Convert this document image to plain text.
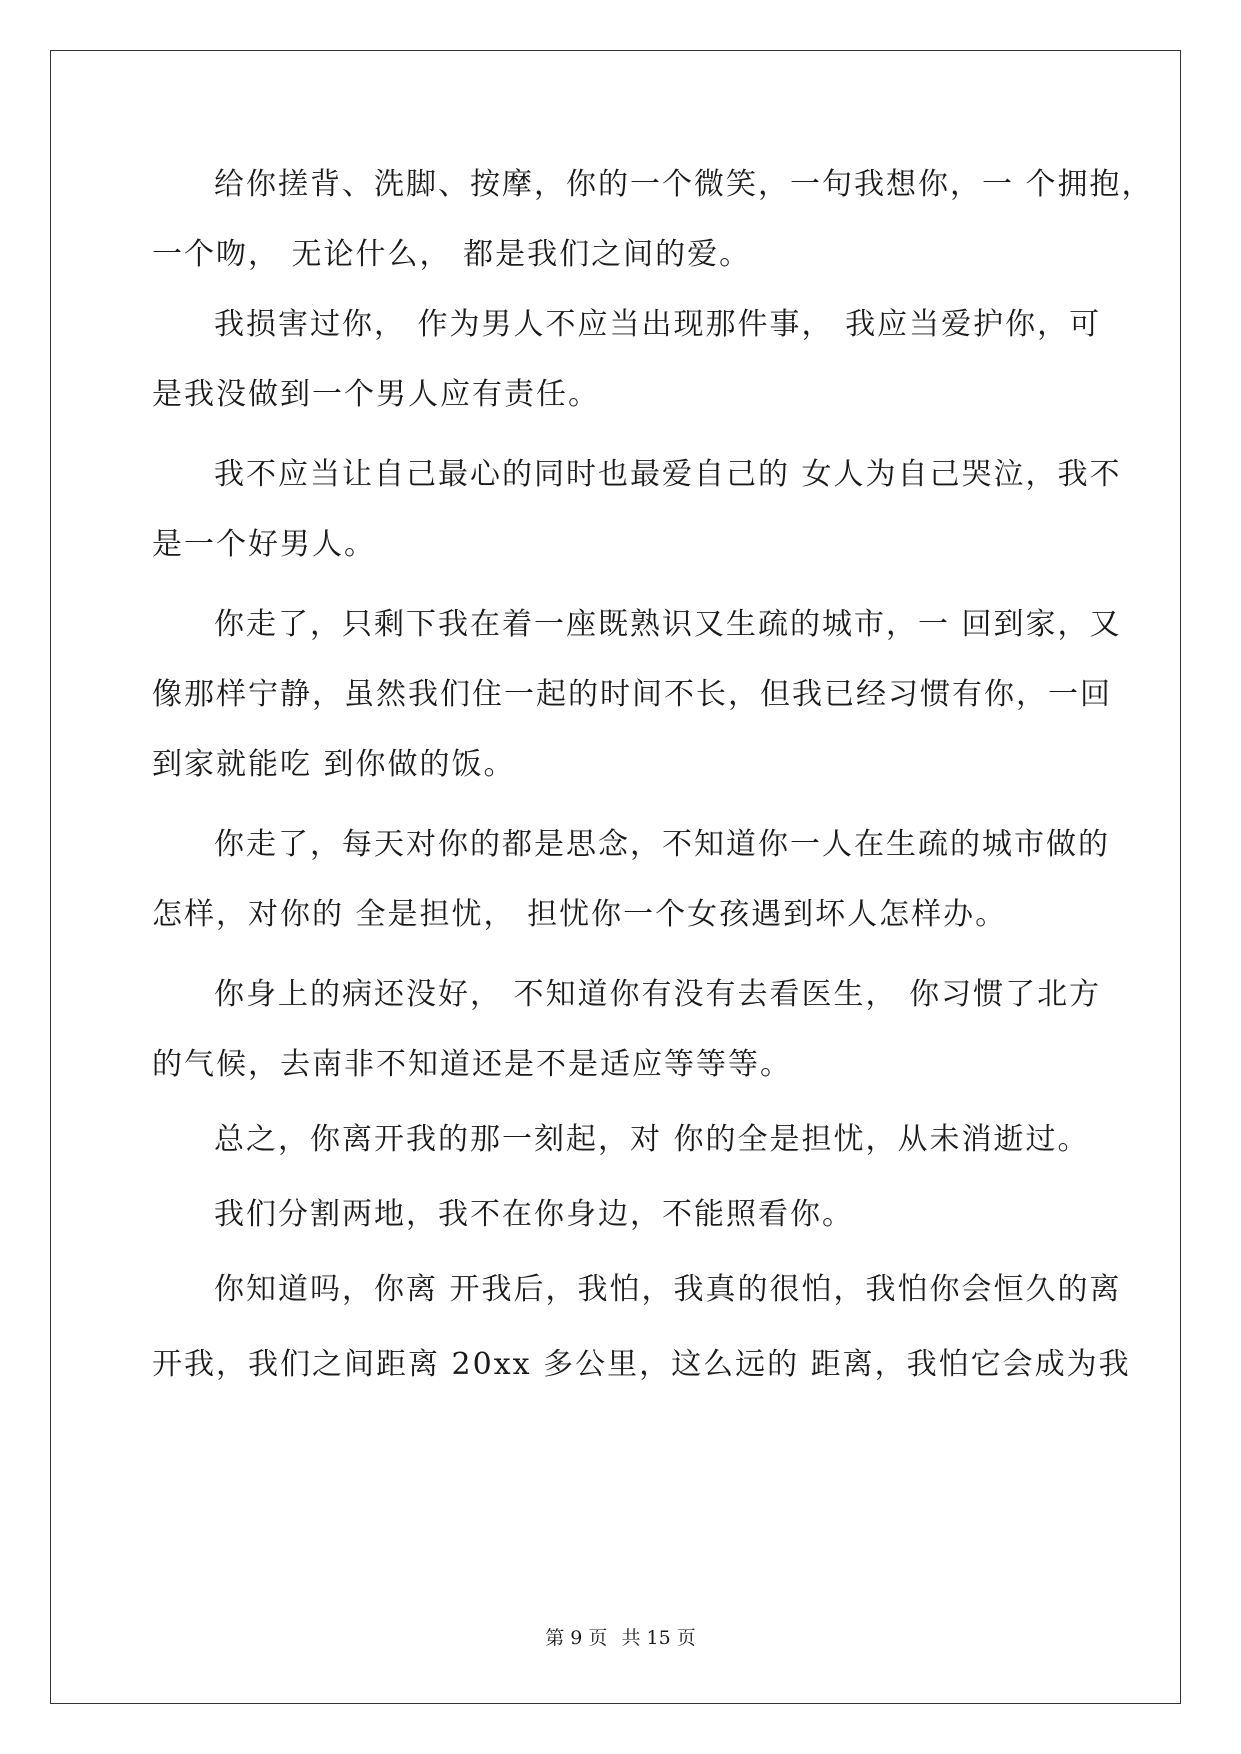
给你搓背、洗脚、按摩，你的一个微笑，一句我想你，一 个拥抱，
一个吻， 无论什么， 都是我们之间的爱。
我损害过你， 作为男人不应当出现那件事， 我应当爱护你，可
是我没做到一个男人应有责任。
我不应当让自己最心的同时也最爱自己的 女人为自己哭泣，我不
是一个好男人。
你走了，只剩下我在着一座既熟识又生疏的城市，一 回到家，又
像那样宁静，虽然我们住一起的时间不长，但我已经习惯有你，一回
到家就能吃 到你做的饭。
你走了，每天对你的都是思念，不知道你一人在生疏的城市做的
怎样，对你的 全是担忧， 担忧你一个女孩遇到坏人怎样办。
你身上的病还没好， 不知道你有没有去看医生， 你习惯了北方
的气候，去南非不知道还是不是适应等等等。
总之，你离开我的那一刻起，对 你的全是担忧，从未消逝过。
我们分割两地，我不在你身边，不能照看你。
你知道吗，你离 开我后，我怕，我真的很怕，我怕你会恒久的离
开我，我们之间距离 20xx 多公里，这么远的 距离，我怕它会成为我
第 9 页 共 15 页
